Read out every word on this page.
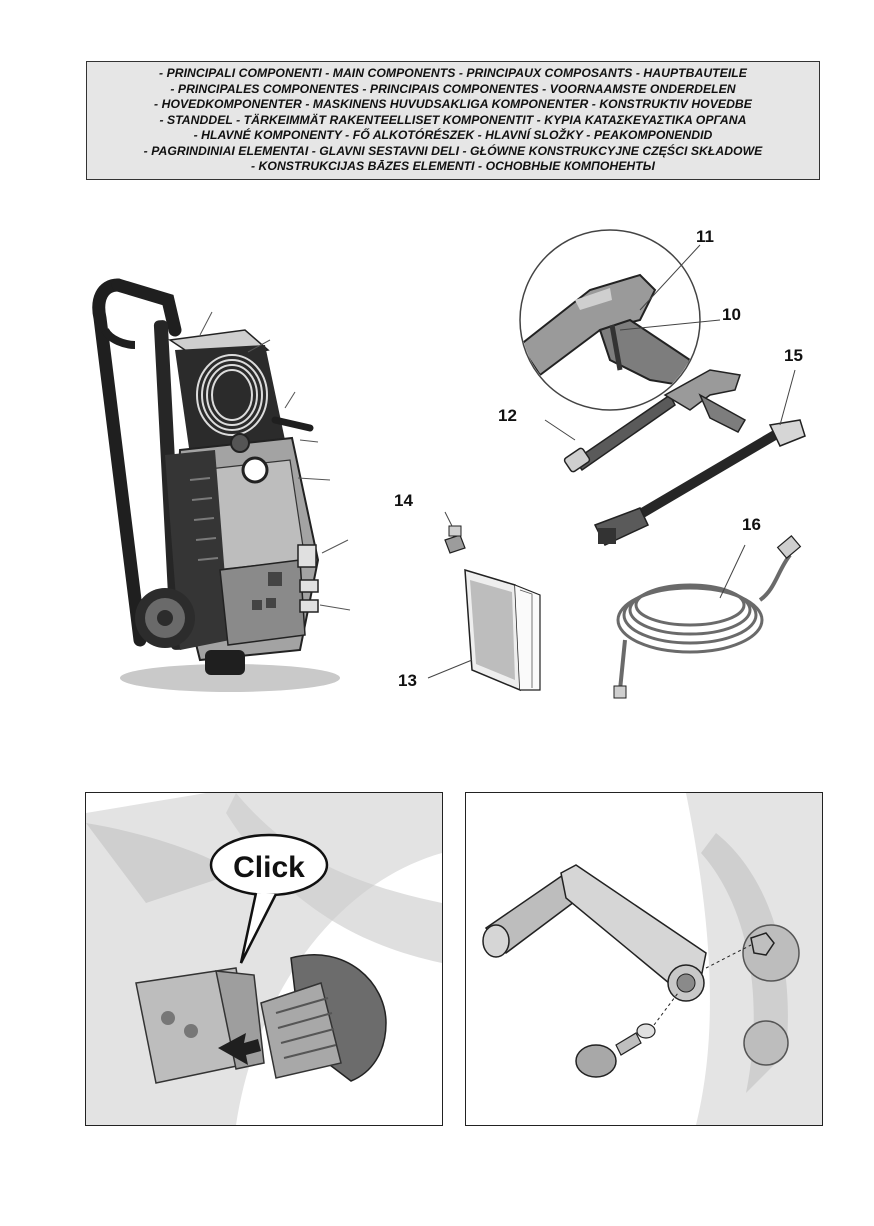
- PRINCIPALI COMPONENTI - MAIN COMPONENTS - PRINCIPAUX COMPOSANTS - HAUPTBAUTEILE
- PRINCIPALES COMPONENTES - PRINCIPAIS COMPONENTES - VOORNAAMSTE ONDERDELEN
- HOVEDKOMPONENTER - MASKINENS HUVUDSAKLIGA KOMPONENTER - KONSTRUKTIV HOVEDBE
- STANDDEL - TÄRKEIMMÄT RAKENTEELLISET KOMPONENTIT - ΚΥΡΙΑ ΚΑΤΑΣΚΕΥΑΣΤΙΚΑ ΟΡΓΑΝΑ
- HLAVNÉ KOMPONENTY - FŐ ALKOTÓRÉSZEK - HLAVNÍ SLOŽKY - PEAKOMPONENDID
- PAGRINDINIAI ELEMENTAI - GLAVNI SESTAVNI DELI - GŁÓWNE KONSTRUKCYJNE CZĘŚCI SKŁADOWE
- KONSTRUKCIJAS BĀZES ELEMENTI - ОСНОВНЫЕ КОМПОНЕНТЫ
11
10
12
15
14
13
16
Click
